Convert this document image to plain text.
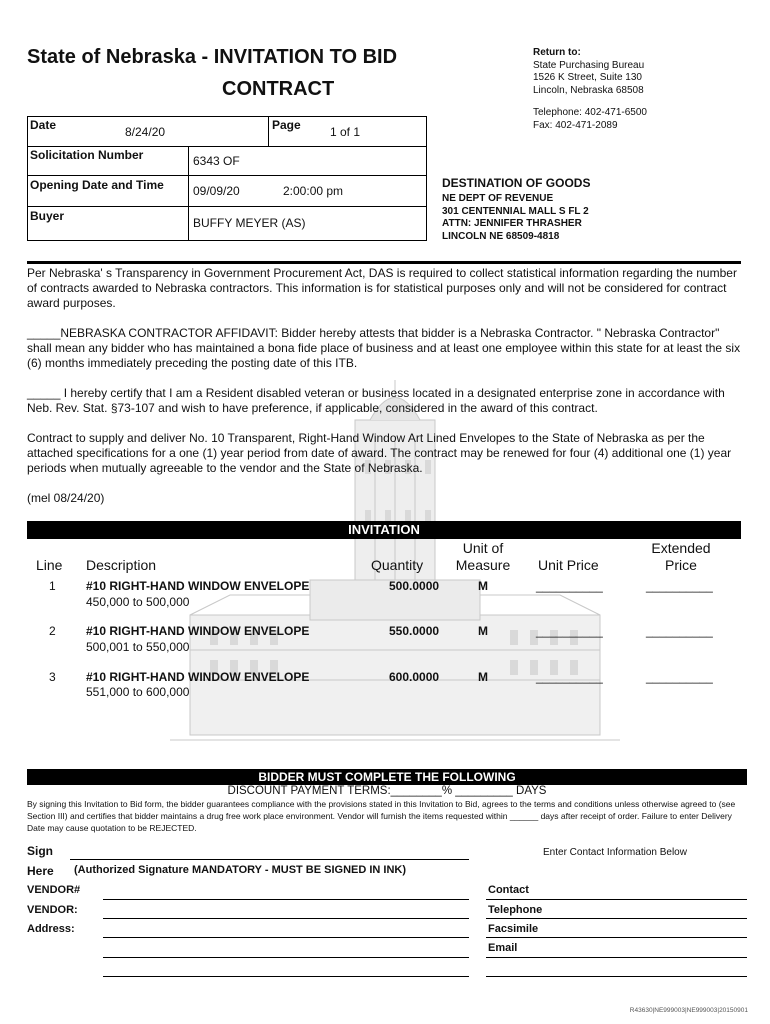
State of Nebraska - INVITATION TO BID
CONTRACT
Return to:
State Purchasing Bureau
1526 K Street, Suite 130
Lincoln, Nebraska 68508
Telephone: 402-471-6500
Fax: 402-471-2089
Date	8/24/20	Page 1 of 1
Solicitation Number	6343 OF
Opening Date and Time 09/09/20	2:00:00 pm
Buyer	BUFFY MEYER (AS)
DESTINATION OF GOODS
NE DEPT OF REVENUE
301 CENTENNIAL MALL S FL 2
ATTN: JENNIFER THRASHER
LINCOLN NE 68509-4818
Per Nebraska' s Transparency in Government Procurement Act, DAS is required to collect statistical information regarding the number of contracts awarded to Nebraska contractors. This information is for statistical purposes only and will not be considered for contract award purposes.
_____NEBRASKA CONTRACTOR AFFIDAVIT: Bidder hereby attests that bidder is a Nebraska Contractor. " Nebraska Contractor" shall mean any bidder who has maintained a bona fide place of business and at least one employee within this state for at least the six (6) months immediately preceding the posting date of this ITB.
_____ I hereby certify that I am a Resident disabled veteran or business located in a designated enterprise zone in accordance with Neb. Rev. Stat. §73-107 and wish to have preference, if applicable, considered in the award of this contract.
Contract to supply and deliver No. 10 Transparent, Right-Hand Window Art Lined Envelopes to the State of Nebraska as per the attached specifications for a one (1) year period from date of award. The contract may be renewed for four (4) additional one (1) year periods when mutually agreeable to the vendor and the State of Nebraska.
(mel 08/24/20)
INVITATION
Line Description	Quantity
Unit of
Measure	Unit Price
Extended
Price
1	#10 RIGHT-HAND WINDOW ENVELOPE
450,000 to 500,000
500.0000	M	__________	__________
2	#10 RIGHT-HAND WINDOW ENVELOPE
500,001 to 550,000
550.0000	M	__________	__________
3	#10 RIGHT-HAND WINDOW ENVELOPE
551,000 to 600,000
600.0000	M	__________	__________
BIDDER MUST COMPLETE THE FOLLOWING
DISCOUNT PAYMENT TERMS:________% _________ DAYS
By signing this Invitation to Bid form, the bidder guarantees compliance with the provisions stated in this Invitation to Bid, agrees to the terms and conditions unless otherwise agreed to (see Section III) and certifies that bidder maintains a drug free work place environment. Vendor will furnish the items requested within ______ days after receipt of order. Failure to enter Delivery Date may cause quotation to be REJECTED.
Sign
Here (Authorized Signature MANDATORY - MUST BE SIGNED IN INK)
Enter Contact Information Below
VENDOR#
VENDOR:
Address:
Contact
Telephone
Facsimile
Email
R43630|NE999003|NE999003|20150901
